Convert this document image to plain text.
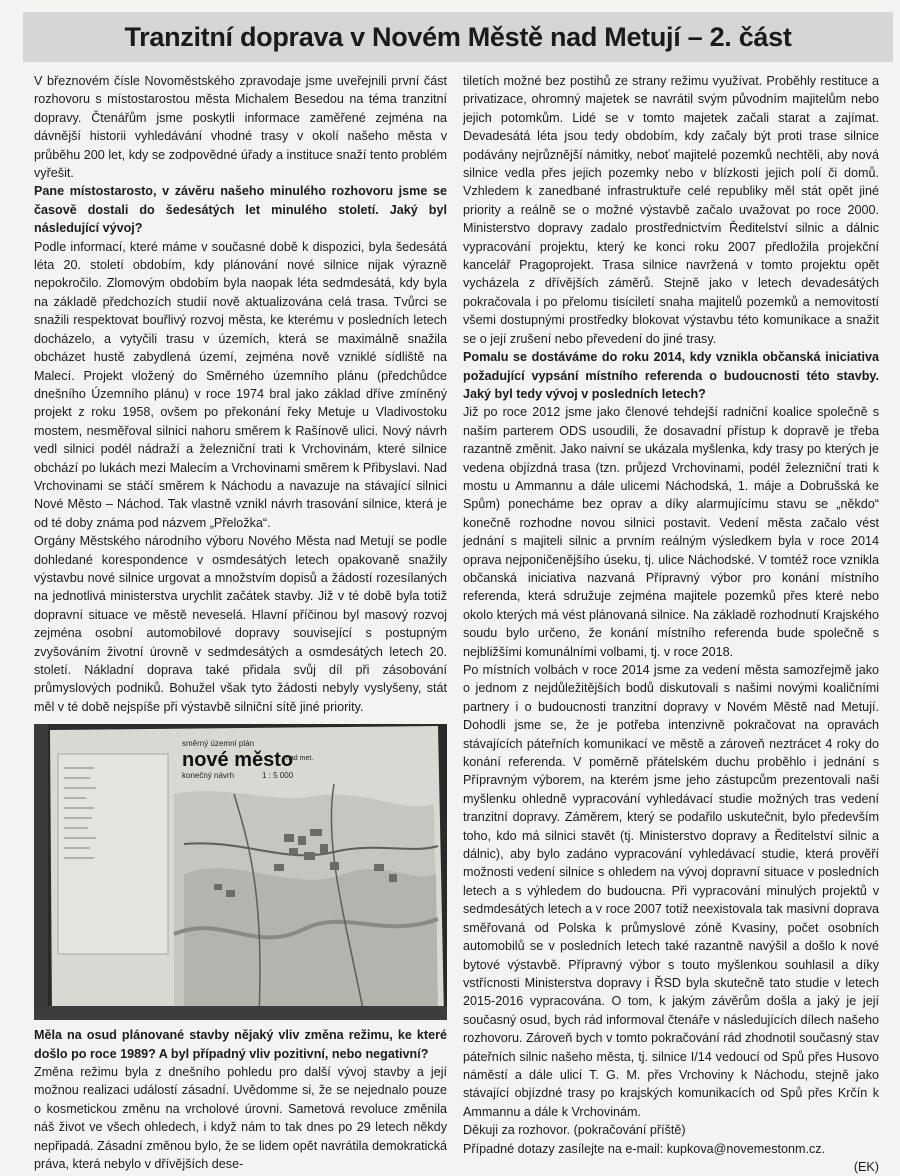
Tranzitní doprava v Novém Městě nad Metují – 2. část

V březnovém čísle Novoměstského zpravodaje jsme uveřejnili první část rozhovoru s místostarostou města Michalem Besedou na téma tranzitní dopravy. Čtenářům jsme poskytli informace zaměřené zejména na dávnější historii vyhledávání vhodné trasy v okolí našeho města v průběhu 200 let, kdy se zodpovědné úřady a instituce snaží tento problém vyřešit.

Pane místostarosto, v závěru našeho minulého rozhovoru jsme se časově dostali do šedesátých let minulého století. Jaký byl následující vývoj?

Podle informací, které máme v současné době k dispozici, byla šedesátá léta 20. století obdobím, kdy plánování nové silnice nijak výrazně nepokročilo. Zlomovým obdobím byla naopak léta sedmdesátá, kdy byla na základě předchozích studií nově aktualizována celá trasa. Tvůrci se snažili respektovat bouřlivý rozvoj města, ke kterému v posledních letech docházelo, a vytyčili trasu v územích, která se maximálně snažila obcházet hustě zabydlená území, zejména nově vzniklé sídliště na Malecí. Projekt vložený do Směrného územního plánu (předchůdce dnešního Územního plánu) v roce 1974 bral jako základ dříve zmíněný projekt z roku 1958, ovšem po překonání řeky Metuje u Vladivostoku mostem, nesměřoval silnici nahoru směrem k Rašínově ulici. Nový návrh vedl silnici podél nádraží a železniční trati k Vrchovinám, které silnice obchází po lukách mezi Malecím a Vrchovinami směrem k Přibyslavi. Nad Vrchovinami se stáčí směrem k Náchodu a navazuje na stávající silnici Nové Město – Náchod. Tak vlastně vznikl návrh trasování silnice, která je od té doby známa pod názvem „Přeložka“.

Orgány Městského národního výboru Nového Města nad Metují se podle dohledané korespondence v osmdesátých letech opakovaně snažily výstavbu nové silnice urgovat a množstvím dopisů a žádostí rozesílaných na jednotlivá ministerstva urychlit začátek stavby. Již v té době byla totiž dopravní situace ve městě neveselá. Hlavní příčinou byl masový rozvoj zejména osobní automobilové dopravy související s postupným zvyšováním životní úrovně v sedmdesátých a osmdesátých letech 20. století. Nákladní doprava také přidala svůj díl při zásobování průmyslových podniků. Bohužel však tyto žádosti nebyly vyslyšeny, stát měl v té době nejspíše při výstavbě silniční sítě jiné priority.

směrný územní plán
nové město
nad met.
konečný návrh	1 : 5 000

Měla na osud plánované stavby nějaký vliv změna režimu, ke které došlo po roce 1989? A byl případný vliv pozitivní, nebo negativní?

Změna režimu byla z dnešního pohledu pro další vývoj stavby a její možnou realizaci událostí zásadní. Uvědomme si, že se nejednalo pouze o kosmetickou změnu na vrcholové úrovni. Sametová revoluce změnila náš život ve všech ohledech, i když nám to tak dnes po 29 letech někdy nepřipadá. Zásadní změnou bylo, že se lidem opět navrátila demokratická práva, která nebylo v dřívějších dese-

tiletích možné bez postihů ze strany režimu využívat. Proběhly restituce a privatizace, ohromný majetek se navrátil svým původním majitelům nebo jejich potomkům. Lidé se v tomto majetek začali starat a zajímat. Devadesátá léta jsou tedy obdobím, kdy začaly být proti trase silnice podávány nejrůznější námitky, neboť majitelé pozemků nechtěli, aby nová silnice vedla přes jejich pozemky nebo v blízkosti jejich polí či domů. Vzhledem k zanedbané infrastruktuře celé republiky měl stát opět jiné priority a reálně se o možné výstavbě začalo uvažovat po roce 2000. Ministerstvo dopravy zadalo prostřednictvím Ředitelství silnic a dálnic vypracování projektu, který ke konci roku 2007 předložila projekční kancelář Pragoprojekt. Trasa silnice navržená v tomto projektu opět vycházela z dřívějších záměrů. Stejně jako v letech devadesátých pokračovala i po přelomu tisíciletí snaha majitelů pozemků a nemovitostí všemi dostupnými prostředky blokovat výstavbu této komunikace a snažit se o její zrušení nebo převedení do jiné trasy.

Pomalu se dostáváme do roku 2014, kdy vznikla občanská iniciativa požadující vypsání místního referenda o budoucnosti této stavby. Jaký byl tedy vývoj v posledních letech?

Již po roce 2012 jsme jako členové tehdejší radniční koalice společně s naším parterem ODS usoudili, že dosavadní přístup k dopravě je třeba razantně změnit. Jako naivní se ukázala myšlenka, kdy trasy po kterých je vedena objízdná trasa (tzn. průjezd Vrchovinami, podél železniční trati k mostu u Ammannu a dále ulicemi Náchodská, 1. máje a Dobrušská ke Spům) ponecháme bez oprav a díky alarmujícímu stavu se „někdo“ konečně rozhodne novou silnici postavit. Vedení města začalo vést jednání s majiteli silnic a prvním reálným výsledkem byla v roce 2014 oprava nejponičenějšího úseku, tj. ulice Náchodské. V tomtéž roce vznikla občanská iniciativa nazvaná Přípravný výbor pro konání místního referenda, která sdružuje zejména majitele pozemků přes které nebo okolo kterých má vést plánovaná silnice. Na základě rozhodnutí Krajského soudu bylo určeno, že konání místního referenda bude společně s nejbližšími komunálními volbami, tj. v roce 2018.

Po místních volbách v roce 2014 jsme za vedení města samozřejmě jako o jednom z nejdůležitějších bodů diskutovali s našimi novými koaličními partnery i o budoucnosti tranzitní dopravy v Novém Městě nad Metují. Dohodli jsme se, že je potřeba intenzivně pokračovat na opravách stávajících páteřních komunikací ve městě a zároveň neztrácet 4 roky do konání referenda. V poměrně přátelském duchu proběhlo i jednání s Přípravným výborem, na kterém jsme jeho zástupcům prezentovali naši myšlenku ohledně vypracování vyhledávací studie možných tras vedení tranzitní dopravy. Záměrem, který se podařilo uskutečnit, bylo především toho, kdo má silnici stavět (tj. Ministerstvo dopravy a Ředitelství silnic a dálnic), aby bylo zadáno vypracování vyhledávací studie, která prověří možnosti vedení silnice s ohledem na vývoj dopravní situace v posledních letech a s výhledem do budoucna. Při vypracování minulých projektů v sedmdesátých letech a v roce 2007 totiž neexistovala tak masivní doprava směřovaná od Polska k průmyslové zóně Kvasiny, počet osobních automobilů se v posledních letech také razantně navýšil a došlo k nové bytové výstavbě. Přípravný výbor s touto myšlenkou souhlasil a díky vstřícnosti Ministerstva dopravy i ŘSD byla skutečně tato studie v letech 2015-2016 vypracována. O tom, k jakým závěrům došla a jaký je její současný osud, bych rád informoval čtenáře v následujících dílech našeho rozhovoru. Zároveň bych v tomto pokračování rád zhodnotil současný stav páteřních silnic našeho města, tj. silnice I/14 vedoucí od Spů přes Husovo náměstí a dále ulicí T. G. M. přes Vrchoviny k Náchodu, stejně jako stávající objízdné trasy po krajských komunikacích od Spů přes Krčín k Ammannu a dále k Vrchovinám.

Děkuji za rozhovor. (pokračování příště)

Případné dotazy zasílejte na e-mail: kupkova@novemestonm.cz.

(EK)
